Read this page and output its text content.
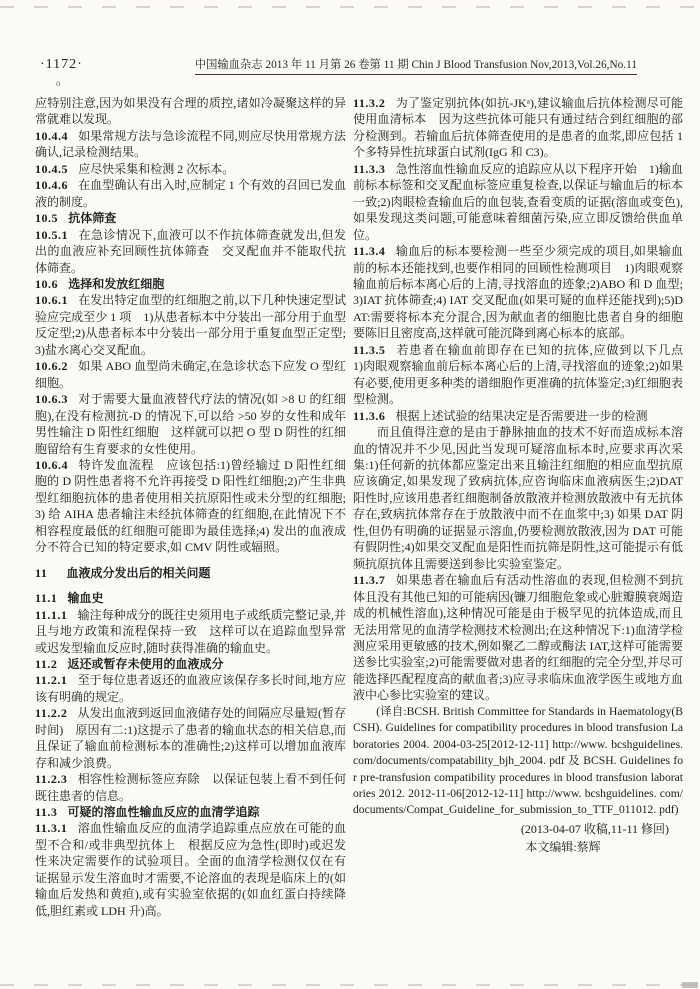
·1172·	中国输血杂志 2013 年 11 月第 26 卷第 11 期 Chin J Blood Transfusion Nov,2013,Vol.26,No.11
o

应特别注意,因为如果没有合理的质控,诸如冷凝聚这样的异常就难以发现。

10.4.4 如果常规方法与急诊流程不同,则应尽快用常规方法确认,记录检测结果。

10.4.5 应尽快采集和检测 2 次标本。

10.4.6 在血型确认有出入时,应制定 1 个有效的召回已发血液的制度。

10.5 抗体筛查

10.5.1 在急诊情况下,血液可以不作抗体筛查就发出,但发出的血液应补充回顾性抗体筛查　交叉配血并不能取代抗体筛查。

10.6 选择和发放红细胞

10.6.1 在发出特定血型的红细胞之前,以下几种快速定型试验应完成至少 1 项　1)从患者标本中分装出一部分用于血型反定型;2)从患者标本中分装出一部分用于重复血型正定型;3)盐水离心交叉配血。

10.6.2 如果 ABO 血型尚未确定,在急诊状态下应发 O 型红细胞。

10.6.3 对于需要大量血液替代疗法的情况(如 >8 U 的红细胞),在没有检测抗-D 的情况下,可以给 >50 岁的女性和成年男性输注 D 阳性红细胞　这样就可以把 O 型 D 阴性的红细胞留给有生育要求的女性使用。

10.6.4 特许发血流程　应该包括:1)曾经输过 D 阳性红细胞的 D 阴性患者将不允许再接受 D 阳性红细胞;2)产生非典型红细胞抗体的患者使用相关抗原阳性或未分型的红细胞;3) 给 AIHA 患者输注未经抗体筛查的红细胞,在此情况下不相容程度最低的红细胞可能即为最佳选择;4) 发出的血液成分不符合已知的特定要求,如 CMV 阴性或辐照。

11 血液成分发出后的相关问题

11.1 输血史

11.1.1 输注每种成分的既往史须用电子或纸质完整记录,并且与地方政策和流程保持一致　这样可以在追踪血型异常或迟发型输血反应时,随时获得准确的输血史。

11.2 返还或暂存未使用的血液成分

11.2.1 至于每位患者返还的血液应该保存多长时间,地方应该有明确的规定。

11.2.2 从发出血液到返回血液储存处的间隔应尽量短(暂存时间)　原因有二:1)这提示了患者的输血状态的相关信息,而且保证了输血前检测标本的准确性;2)这样可以增加血液库存和减少浪费。

11.2.3 相容性检测标签应弃除　以保证包装上看不到任何既往患者的信息。

11.3 可疑的溶血性输血反应的血清学追踪

11.3.1 溶血性输血反应的血清学追踪重点应放在可能的血型不合和/或非典型抗体上　根据反应为急性(即时)或迟发性来决定需要作的试验项目。全面的血清学检测仅仅在有证据显示发生溶血时才需要,不论溶血的表现是临床上的(如输血后发热和黄疸),或有实验室依据的(如血红蛋白持续降低,胆红素或 LDH 升)高。

11.3.2 为了鉴定别抗体(如抗-JKᵃ),建议输血后抗体检测尽可能使用血清标本　因为这些抗体可能只有通过结合到红细胞的部分检测到。若输血后抗体筛查使用的是患者的血浆,即应包括 1 个多特异性抗球蛋白试剂(IgG 和 C3)。

11.3.3 急性溶血性输血反应的追踪应从以下程序开始　1)输血前标本标签和交叉配血标签应重复检查,以保证与输血后的标本一致;2)肉眼检查输血后的血包装,查看变质的证据(溶血或变色),如果发现这类问题,可能意味着细菌污染,应立即反馈给供血单位。

11.3.4 输血后的标本要检测一些至少须完成的项目,如果输血前的标本还能找到,也要作相同的回顾性检测项目　1)肉眼观察输血前后标本离心后的上清,寻找溶血的迹象;2)ABO 和 D 血型;3)IAT 抗体筛查;4) IAT 交叉配血(如果可疑的血样还能找到);5)DAT:需要将标本充分混合,因为献血者的细胞比患者自身的细胞要陈旧且密度高,这样就可能沉降到离心标本的底部。

11.3.5 若患者在输血前即存在已知的抗体,应做到以下几点　1)肉眼观察输血前后标本离心后的上清,寻找溶血的迹象;2)如果有必要,使用更多种类的谱细胞作更准确的抗体鉴定;3)红细胞表型检测。

11.3.6 根据上述试验的结果决定是否需要进一步的检测

而且值得注意的是由于静脉抽血的技术不好而造成标本溶血的情况并不少见,因此当发现可疑溶血标本时,应要求再次采集:1)任何新的抗体都应鉴定出来且输注红细胞的相应血型抗原应该确定,如果发现了致病抗体,应咨询临床血液病医生;2)DAT 阳性时,应该用患者红细胞制备放散液并检测放散液中有无抗体存在,致病抗体常存在于放散液中而不在血浆中;3) 如果 DAT 阴性,但仍有明确的证据显示溶血,仍要检测放散液,因为 DAT 可能有假阴性;4)如果交叉配血是阳性而抗筛是阴性,这可能提示有低频抗原抗体且需要送到参比实验室鉴定。

11.3.7 如果患者在输血后有活动性溶血的表现,但检测不到抗体且没有其他已知的可能病因(镰刀细胞危象或心脏瓣膜衰竭造成的机械性溶血),这种情况可能是由于极罕见的抗体造成,而且无法用常见的血清学检测技术检测出;在这种情况下:1)血清学检测应采用更敏感的技术,例如聚乙二醇或酶法 IAT,这样可能需要送参比实验室;2)可能需要做对患者的红细胞的完全分型,并尽可能选择匹配程度高的献血者;3)应寻求临床血液学医生或地方血液中心参比实验室的建议。

(译自:BCSH. British Committee for Standards in Haematology(BCSH). Guidelines for compatibility procedures in blood transfusion Laboratories 2004. 2004-03-25[2012-12-11] http://www. bcshguidelines. com/documents/compatability_bjh_2004. pdf 及 BCSH. Guidelines for pre-transfusion compatibility procedures in blood transfusion laboratories 2012. 2012-11-06[2012-12-11] http://www. bcshguidelines. com/documents/Compat_Guideline_for_submission_to_TTF_011012. pdf)

(2013-04-07 收稿,11-11 修回)

本文编辑:蔡辉
